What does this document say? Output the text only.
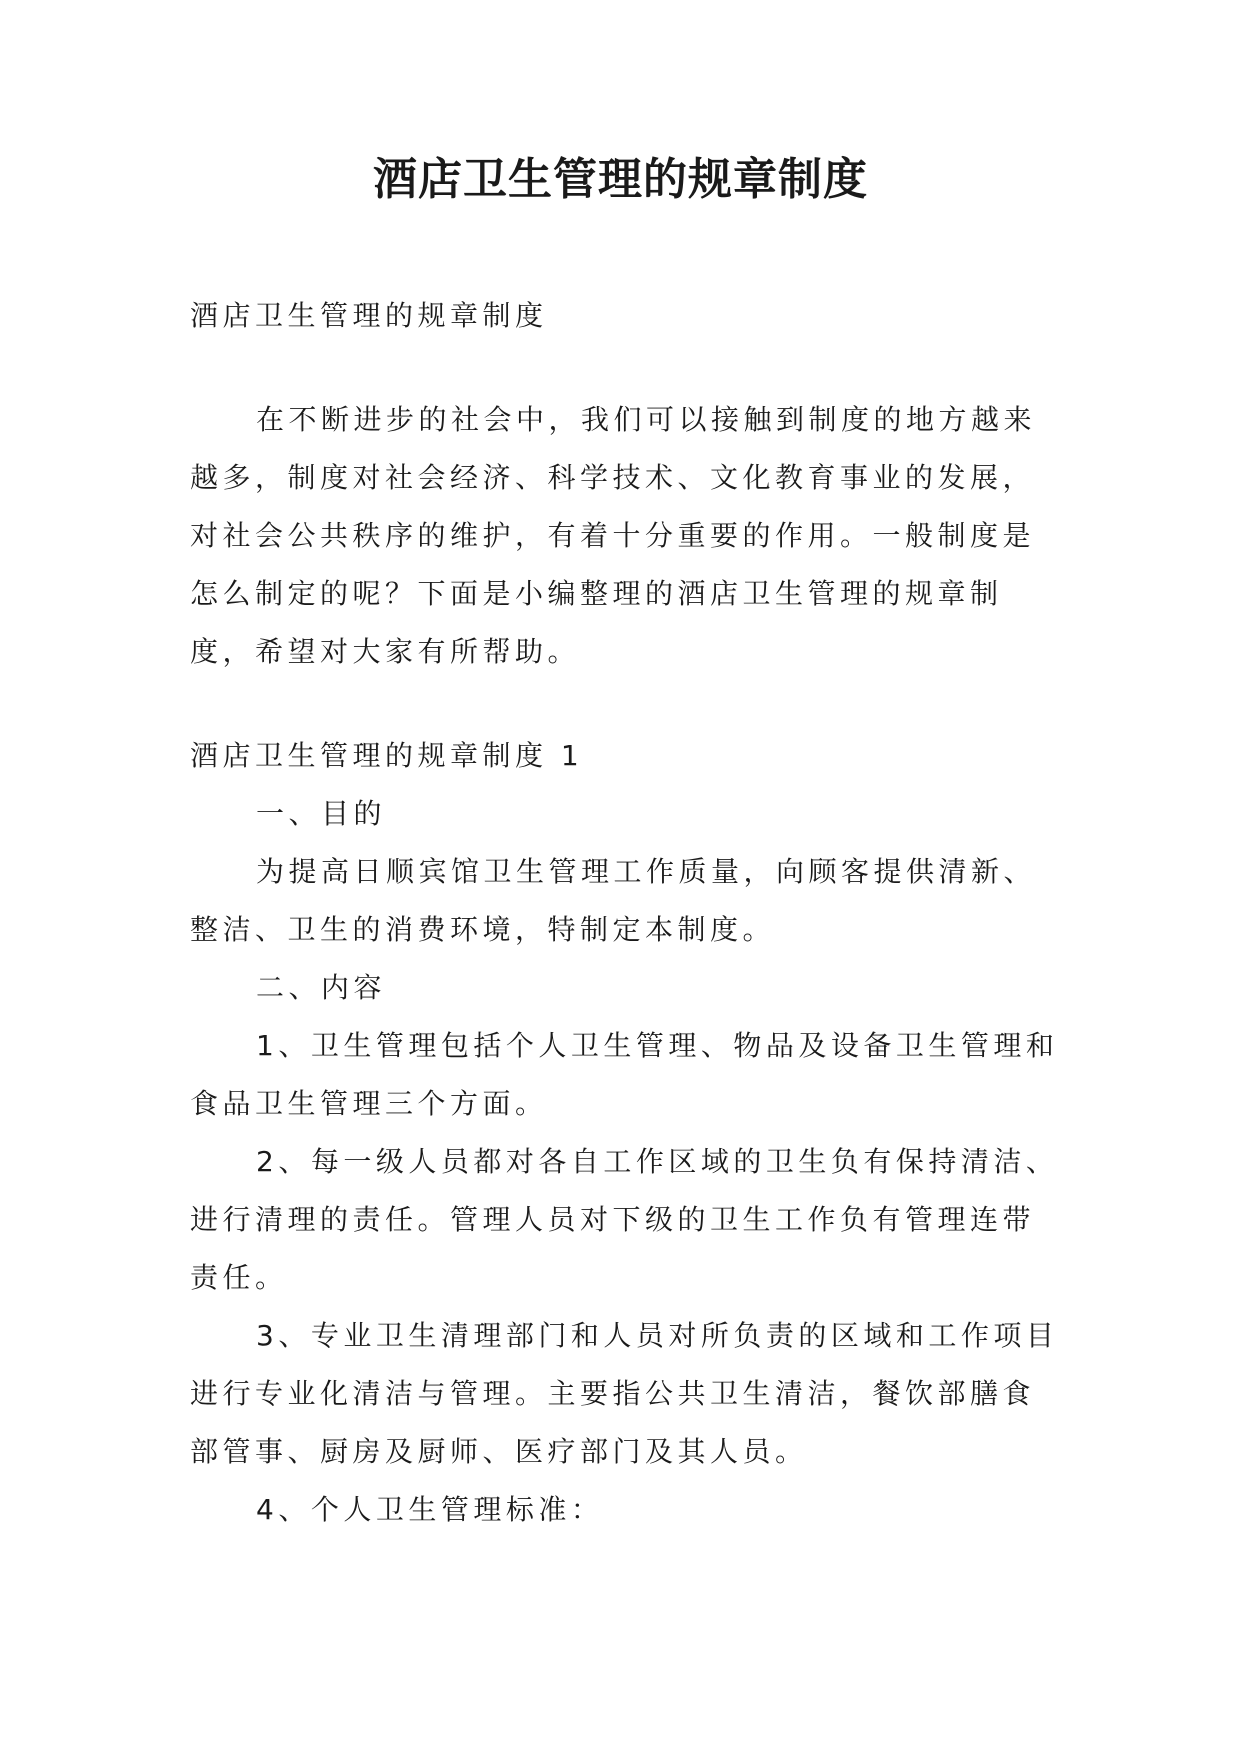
酒店卫生管理的规章制度

酒店卫生管理的规章制度

在不断进步的社会中，我们可以接触到制度的地方越来越多，制度对社会经济、科学技术、文化教育事业的发展，对社会公共秩序的维护，有着十分重要的作用。一般制度是怎么制定的呢？下面是小编整理的酒店卫生管理的规章制度，希望对大家有所帮助。

酒店卫生管理的规章制度 1

一、目的

为提高日顺宾馆卫生管理工作质量，向顾客提供清新、整洁、卫生的消费环境，特制定本制度。

二、内容

1、卫生管理包括个人卫生管理、物品及设备卫生管理和食品卫生管理三个方面。

2、每一级人员都对各自工作区域的卫生负有保持清洁、进行清理的责任。管理人员对下级的卫生工作负有管理连带责任。

3、专业卫生清理部门和人员对所负责的区域和工作项目进行专业化清洁与管理。主要指公共卫生清洁，餐饮部膳食部管事、厨房及厨师、医疗部门及其人员。

4、个人卫生管理标准：
